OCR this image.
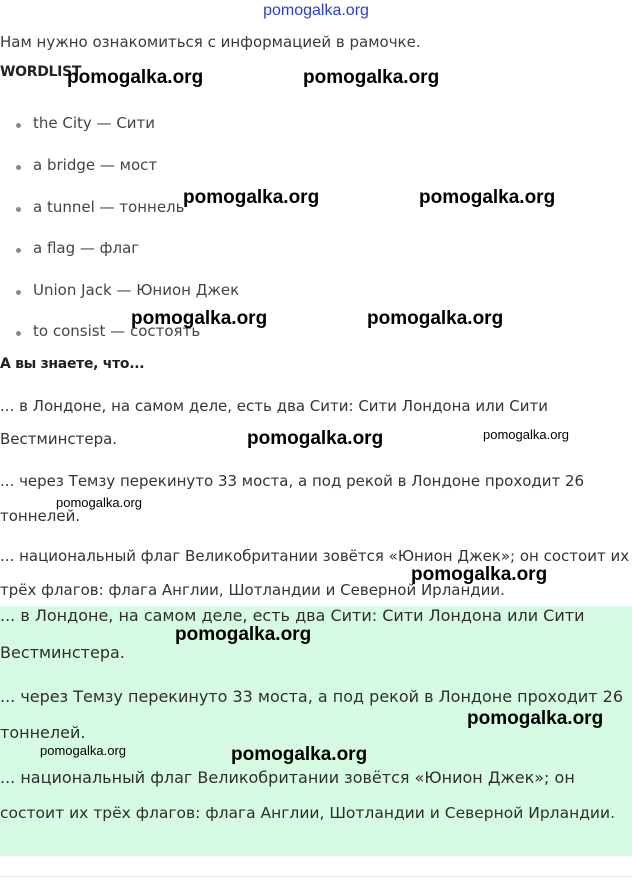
pomogalka.org
Нам нужно ознакомиться с информацией в рамочке.
WORDLIST
the City — Сити
a bridge — мост
a tunnel — тоннель
a flag — флаг
Union Jack — Юнион Джек
to consist — состоять
А вы знаете, что...
... в Лондоне, на самом деле, есть два Сити: Сити Лондона или Сити
Вестминстера.
... через Темзу перекинуто 33 моста, а под рекой в Лондоне проходит 26
тоннелей.
... национальный флаг Великобритании зовётся «Юнион Джек»; он состоит их
трёх флагов: флага Англии, Шотландии и Северной Ирландии.
... в Лондоне, на самом деле, есть два Сити: Сити Лондона или Сити
Вестминстера.
... через Темзу перекинуто 33 моста, а под рекой в Лондоне проходит 26
тоннелей.
... национальный флаг Великобритании зовётся «Юнион Джек»; он
состоит их трёх флагов: флага Англии, Шотландии и Северной Ирландии.
pomogalka.org	pomogalka.org
pomogalka.org	pomogalka.org
pomogalka.org	pomogalka.org
pomogalka.org	pomogalka.org
pomogalka.org
pomogalka.org
pomogalka.org
pomogalka.org
pomogalka.org	pomogalka.org
